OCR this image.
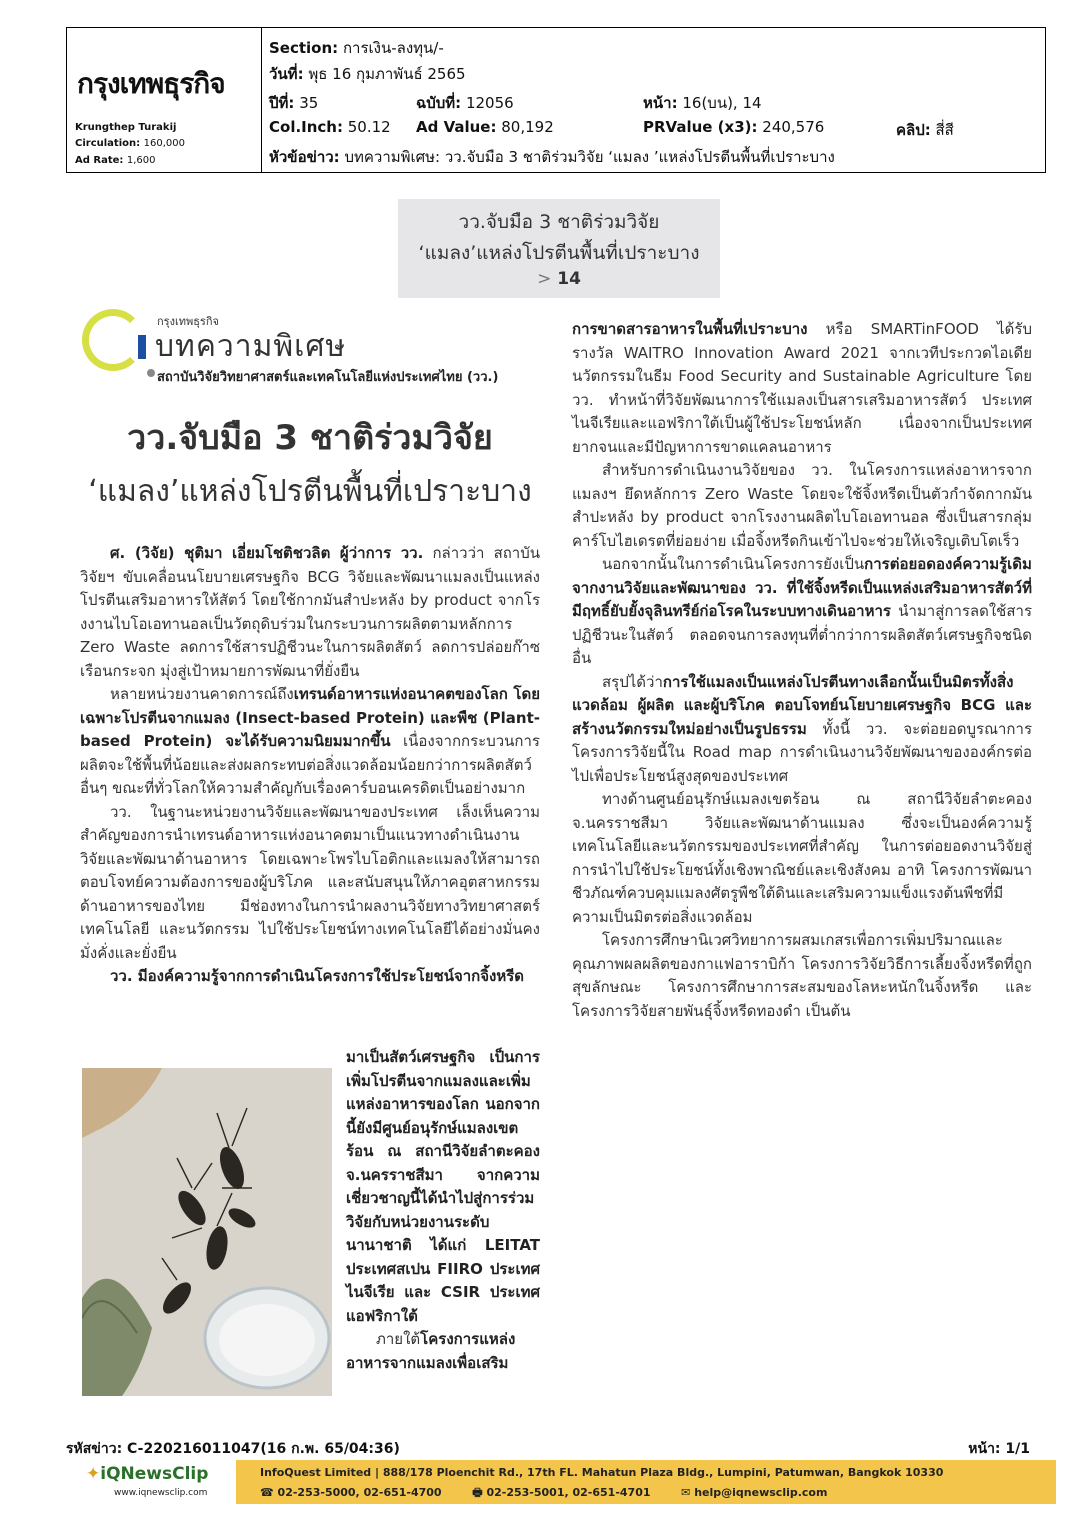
กรุงเทพธุรกิจ
Krungthep Turakij
Circulation: 160,000
Ad Rate: 1,600
Section: การเงิน-ลงทุน/-
วันที่: พุธ 16 กุมภาพันธ์ 2565
ปีที่: 35	ฉบับที่: 12056	หน้า: 16(บน), 14
Col.Inch: 50.12 Ad Value: 80,192	PRValue (x3): 240,576	คลิป: สี่สี
หัวข้อข่าว: บทความพิเศษ: วว.จับมือ 3 ชาติร่วมวิจัย ‘แมลง ’แหล่งโปรตีนพื้นที่เปราะบาง
วว.จับมือ 3 ชาติร่วมวิจัย
‘แมลง’แหล่งโปรตีนพื้นที่เปราะบาง
> 14
กรุงเทพธุรกิจ
บทความพิเศษ
สถาบันวิจัยวิทยาศาสตร์และเทคโนโลยีแห่งประเทศไทย (วว.)
วว.จับมือ 3 ชาติร่วมวิจัย
‘แมลง’แหล่งโปรตีนพื้นที่เปราะบาง

ศ. (วิจัย) ชุติมา เอี่ยมโชติชวลิต ผู้ว่าการ วว. กล่าวว่า สถาบันวิจัยฯ ขับเคลื่อนนโยบายเศรษฐกิจ BCG วิจัยและพัฒนาแมลงเป็นแหล่งโปรตีนเสริมอาหารให้สัตว์ โดยใช้กากมันสำปะหลัง by product จากโรงงานไบโอเอทานอลเป็นวัตถุดิบร่วมในกระบวนการผลิตตามหลักการ Zero Waste ลดการใช้สารปฏิชีวนะในการผลิตสัตว์ ลดการปล่อยก๊าซเรือนกระจก มุ่งสู่เป้าหมายการพัฒนาที่ยั่งยืน

หลายหน่วยงานคาดการณ์ถึงเทรนด์อาหารแห่งอนาคตของโลก โดยเฉพาะโปรตีนจากแมลง (Insect-based Protein) และพืช (Plant-based Protein) จะได้รับความนิยมมากขึ้น เนื่องจากกระบวนการผลิตจะใช้พื้นที่น้อยและส่งผลกระทบต่อสิ่งแวดล้อมน้อยกว่าการผลิตสัตว์อื่นๆ ขณะที่ทั่วโลกให้ความสำคัญกับเรื่องคาร์บอนเครดิตเป็นอย่างมาก

วว. ในฐานะหน่วยงานวิจัยและพัฒนาของประเทศ เล็งเห็นความสำคัญของการนำเทรนด์อาหารแห่งอนาคตมาเป็นแนวทางดำเนินงานวิจัยและพัฒนาด้านอาหาร โดยเฉพาะโพรไบโอติกและแมลงให้สามารถตอบโจทย์ความต้องการของผู้บริโภค และสนับสนุนให้ภาคอุตสาหกรรมด้านอาหารของไทย มีช่องทางในการนำผลงานวิจัยทางวิทยาศาสตร์ เทคโนโลยี และนวัตกรรม ไปใช้ประโยชน์ทางเทคโนโลยีได้อย่างมั่นคง มั่งคั่งและยั่งยืน

วว. มีองค์ความรู้จากการดำเนินโครงการใช้ประโยชน์จากจิ้งหรีด

มาเป็นสัตว์เศรษฐกิจ เป็นการเพิ่มโปรตีนจากแมลงและเพิ่มแหล่งอาหารของโลก นอกจากนี้ยังมีศูนย์อนุรักษ์แมลงเขตร้อน ณ สถานีวิจัยลำตะคอง จ.นครราชสีมา จากความเชี่ยวชาญนี้ได้นำไปสู่การร่วมวิจัยกับหน่วยงานระดับนานาชาติ ได้แก่ LEITAT ประเทศสเปน FIIRO ประเทศไนจีเรีย และ CSIR ประเทศแอฟริกาใต้

ภายใต้โครงการแหล่งอาหารจากแมลงเพื่อเสริม

การขาดสารอาหารในพื้นที่เปราะบาง หรือ SMARTinFOOD ได้รับรางวัล WAITRO Innovation Award 2021 จากเวทีประกวดไอเดียนวัตกรรมในธีม Food Security and Sustainable Agriculture โดย วว. ทำหน้าที่วิจัยพัฒนาการใช้แมลงเป็นสารเสริมอาหารสัตว์ ประเทศไนจีเรียและแอฟริกาใต้เป็นผู้ใช้ประโยชน์หลัก เนื่องจากเป็นประเทศยากจนและมีปัญหาการขาดแคลนอาหาร

สำหรับการดำเนินงานวิจัยของ วว. ในโครงการแหล่งอาหารจากแมลงฯ ยึดหลักการ Zero Waste โดยจะใช้จิ้งหรีดเป็นตัวกำจัดกากมันสำปะหลัง by product จากโรงงานผลิตไบโอเอทานอล ซึ่งเป็นสารกลุ่มคาร์โบไฮเดรตที่ย่อยง่าย เมื่อจิ้งหรีดกินเข้าไปจะช่วยให้เจริญเติบโตเร็ว

นอกจากนั้นในการดำเนินโครงการยังเป็นการต่อยอดองค์ความรู้เดิมจากงานวิจัยและพัฒนาของ วว. ที่ใช้จิ้งหรีดเป็นแหล่งเสริมอาหารสัตว์ที่มีฤทธิ์ยับยั้งจุลินทรีย์ก่อโรคในระบบทางเดินอาหาร นำมาสู่การลดใช้สารปฏิชีวนะในสัตว์ ตลอดจนการลงทุนที่ต่ำกว่าการผลิตสัตว์เศรษฐกิจชนิดอื่น

สรุปได้ว่าการใช้แมลงเป็นแหล่งโปรตีนทางเลือกนั้นเป็นมิตรทั้งสิ่งแวดล้อม ผู้ผลิต และผู้บริโภค ตอบโจทย์นโยบายเศรษฐกิจ BCG และสร้างนวัตกรรมใหม่อย่างเป็นรูปธรรม ทั้งนี้ วว. จะต่อยอดบูรณาการโครงการวิจัยนี้ใน Road map การดำเนินงานวิจัยพัฒนาขององค์กรต่อไปเพื่อประโยชน์สูงสุดของประเทศ

ทางด้านศูนย์อนุรักษ์แมลงเขตร้อน ณ สถานีวิจัยลำตะคอง จ.นครราชสีมา วิจัยและพัฒนาด้านแมลง ซึ่งจะเป็นองค์ความรู้ เทคโนโลยีและนวัตกรรมของประเทศที่สำคัญ ในการต่อยอดงานวิจัยสู่การนำไปใช้ประโยชน์ทั้งเชิงพาณิชย์และเชิงสังคม อาทิ โครงการพัฒนาชีวภัณฑ์ควบคุมแมลงศัตรูพืชใต้ดินและเสริมความแข็งแรงต้นพืชที่มีความเป็นมิตรต่อสิ่งแวดล้อม

โครงการศึกษานิเวศวิทยาการผสมเกสรเพื่อการเพิ่มปริมาณและคุณภาพผลผลิตของกาแฟอาราบิก้า โครงการวิจัยวิธีการเลี้ยงจิ้งหรีดที่ถูกสุขลักษณะ โครงการศึกษาการสะสมของโลหะหนักในจิ้งหรีด และโครงการวิจัยสายพันธุ์จิ้งหรีดทองดำ เป็นต้น

รหัสข่าว: C-220216011047(16 ก.พ. 65/04:36)	หน้า: 1/1
✦iQNewsClip
www.iqnewsclip.com
InfoQuest Limited | 888/178 Ploenchit Rd., 17th FL. Mahatun Plaza Bldg., Lumpini, Patumwan, Bangkok 10330
☎ 02-253-5000, 02-651-4700	🖶 02-253-5001, 02-651-4701	✉ help@iqnewsclip.com
